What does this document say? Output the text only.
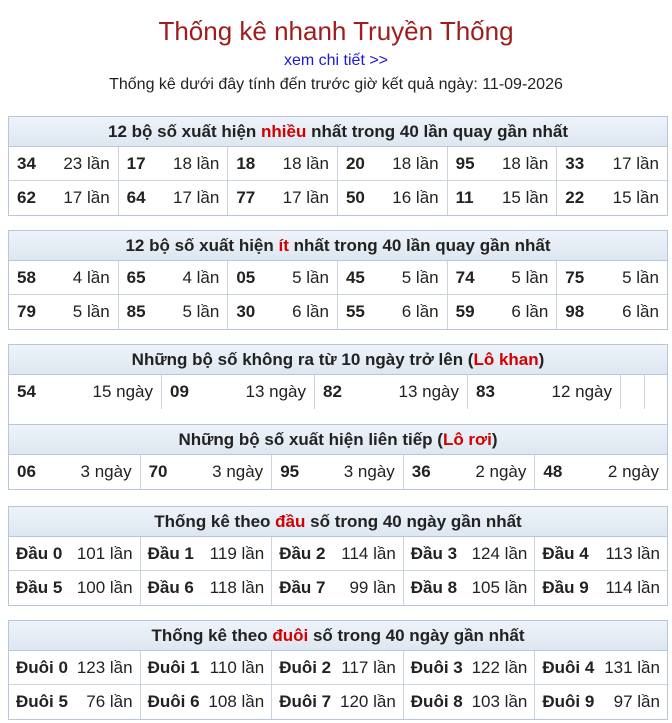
Thống kê nhanh Truyền Thống
xem chi tiết >>
Thống kê dưới đây tính đến trước giờ kết quả ngày: 11-09-2026
12 bộ số xuất hiện nhiều nhất trong 40 lần quay gần nhất
34 23 lần 17 18 lần 18 18 lần 20 18 lần 95 18 lần 33 17 lần
62 17 lần 64 17 lần 77 17 lần 50 16 lần 11 15 lần 22 15 lần
12 bộ số xuất hiện ít nhất trong 40 lần quay gần nhất
58 4 lần 65 4 lần 05 5 lần 45 5 lần 74 5 lần 75 5 lần
79 5 lần 85 5 lần 30 6 lần 55 6 lần 59 6 lần 98 6 lần
Những bộ số không ra từ 10 ngày trở lên (Lô khan)
54	15 ngày 09	13 ngày 82	13 ngày 83	12 ngày
Những bộ số xuất hiện liên tiếp (Lô rơi)
06	3 ngày 70	3 ngày 95	3 ngày 36	2 ngày 48	2 ngày
Thống kê theo đầu số trong 40 ngày gần nhất
Đầu 0 101 lần Đầu 1 119 lần Đầu 2 114 lần Đầu 3 124 lần Đầu 4 113 lần
Đầu 5 100 lần Đầu 6 118 lần Đầu 7 99 lần Đầu 8 105 lần Đầu 9 114 lần
Thống kê theo đuôi số trong 40 ngày gần nhất
Đuôi 0 123 lần Đuôi 1 110 lần Đuôi 2 117 lần Đuôi 3 122 lần Đuôi 4 131 lần
Đuôi 5 76 lần Đuôi 6 108 lần Đuôi 7 120 lần Đuôi 8 103 lần Đuôi 9 97 lần
